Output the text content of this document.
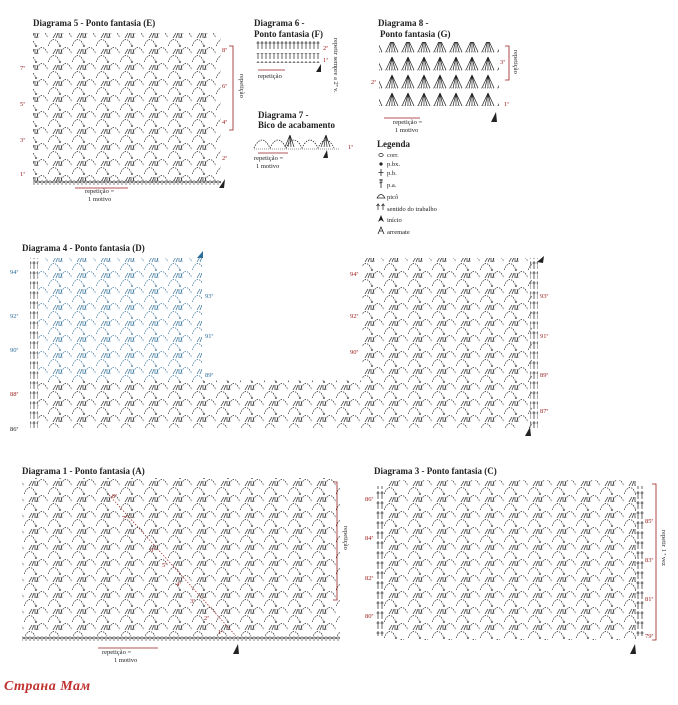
Diagrama 5 - Ponto fantasia (E)
7ª
5ª
3ª
1ª
8ª
6ª
4ª
2ª
repetição
repetição =
1 motivo
Diagrama 6 -
Ponto fantasia (F)
2ª
1ª repetir sempre a 2ª v.
repetição
Diagrama 7 -
Bico de acabamento
1ª
repetição =
1 motivo
Diagrama 8 -
Ponto fantasia (G)
3ª
2ª
1ª
repetição
repetição =
1 motivo
Legenda
corr.
p.bx.
p.b.
p.a.
picô
sentido do trabalho
início
arremate
Diagrama 4 - Ponto fantasia (D)
94ª
92ª
90ª
88ª
86ª
93ª
91ª
89ª
94ª
92ª
90ª
93ª
91ª
89ª
87ª
Diagrama 1 - Ponto fantasia (A)
8ª
7ª
6ª
5ª
4ª
3ª
2ª
1ª
repetição
repetição =
1 motivo
Diagrama 3 - Ponto fantasia (C)
86ª
84ª
82ª
80ª
85ª
83ª
81ª
79ª
repetir 1 ª vez
Страна Мам
